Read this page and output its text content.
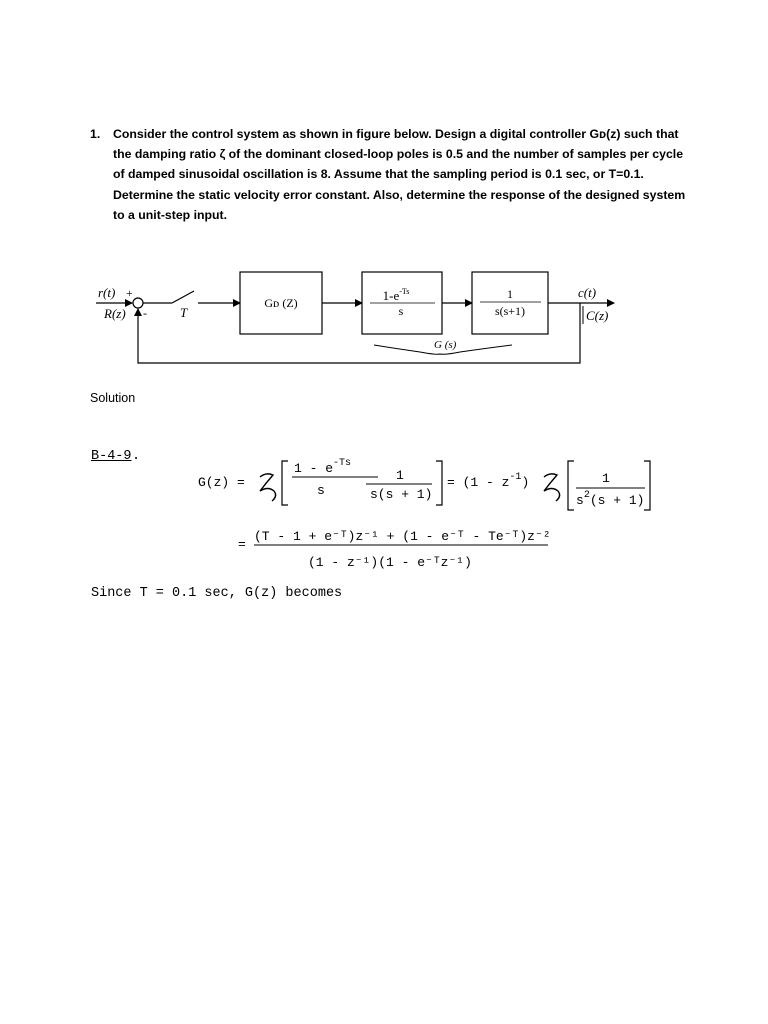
1. Consider the control system as shown in figure below. Design a digital controller Gᴅ(z) such that
the damping ratio ζ of the dominant closed-loop poles is 0.5 and the number of samples per cycle
of damped sinusoidal oscillation is 8. Assume that the sampling period is 0.1 sec, or T=0.1.
Determine the static velocity error constant. Also, determine the response of the designed system
to a unit-step input.
r(t) +
R(z) -	T
Gᴅ (Z)	$1-e^{-Ts}$
s
1
s(s+1)
c(t)
C(z)
G (s)
Solution
B-4-9 .
G(z) =
$1 - e^{-Ts}$
s
1
s(s + 1)
= $(1 - z^{-1})$	1
$s^2(s + 1)$
=
(T - 1 + e⁻ᵀ)z⁻¹ + (1 - e⁻ᵀ - Te⁻ᵀ)z⁻²
(1 - z⁻¹)(1 - e⁻ᵀz⁻¹)
Since T = 0.1 sec, G(z) becomes
